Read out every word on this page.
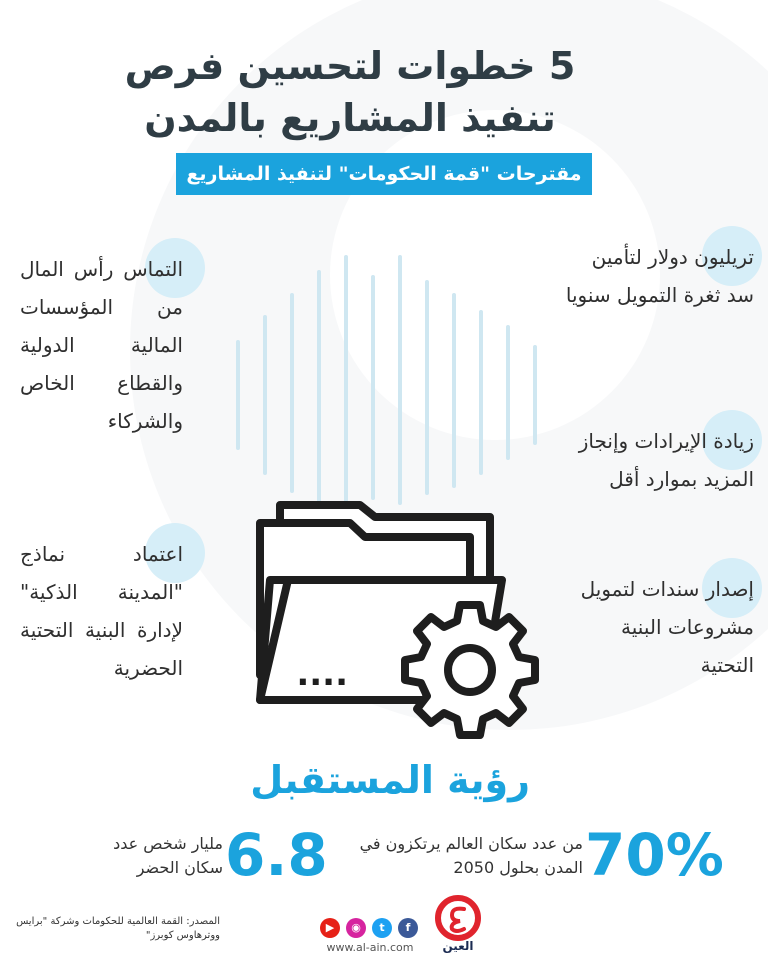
5 خطوات لتحسين فرص
تنفيذ المشاريع بالمدن
مقترحات "قمة الحكومات" لتنفيذ المشاريع
تريليون دولار لتأمين سد ثغرة التمويل سنويا
زيادة الإيرادات وإنجاز المزيد بموارد أقل
إصدار سندات لتمويل مشروعات البنية التحتية
التماس رأس المال من المؤسسات المالية الدولية والقطاع الخاص والشركاء
اعتماد نماذج "المدينة الذكية" لإدارة البنية التحتية الحضرية	....
رؤية المستقبل
70%
من عدد سكان العالم يرتكزون في المدن بحلول 2050
6.8
مليار شخص عدد سكان الحضر
المصدر: القمة العالمية للحكومات وشركة "برايس ووترهاوس كوبرز"
▶	◉	t	f
www.al-ain.com	العين
